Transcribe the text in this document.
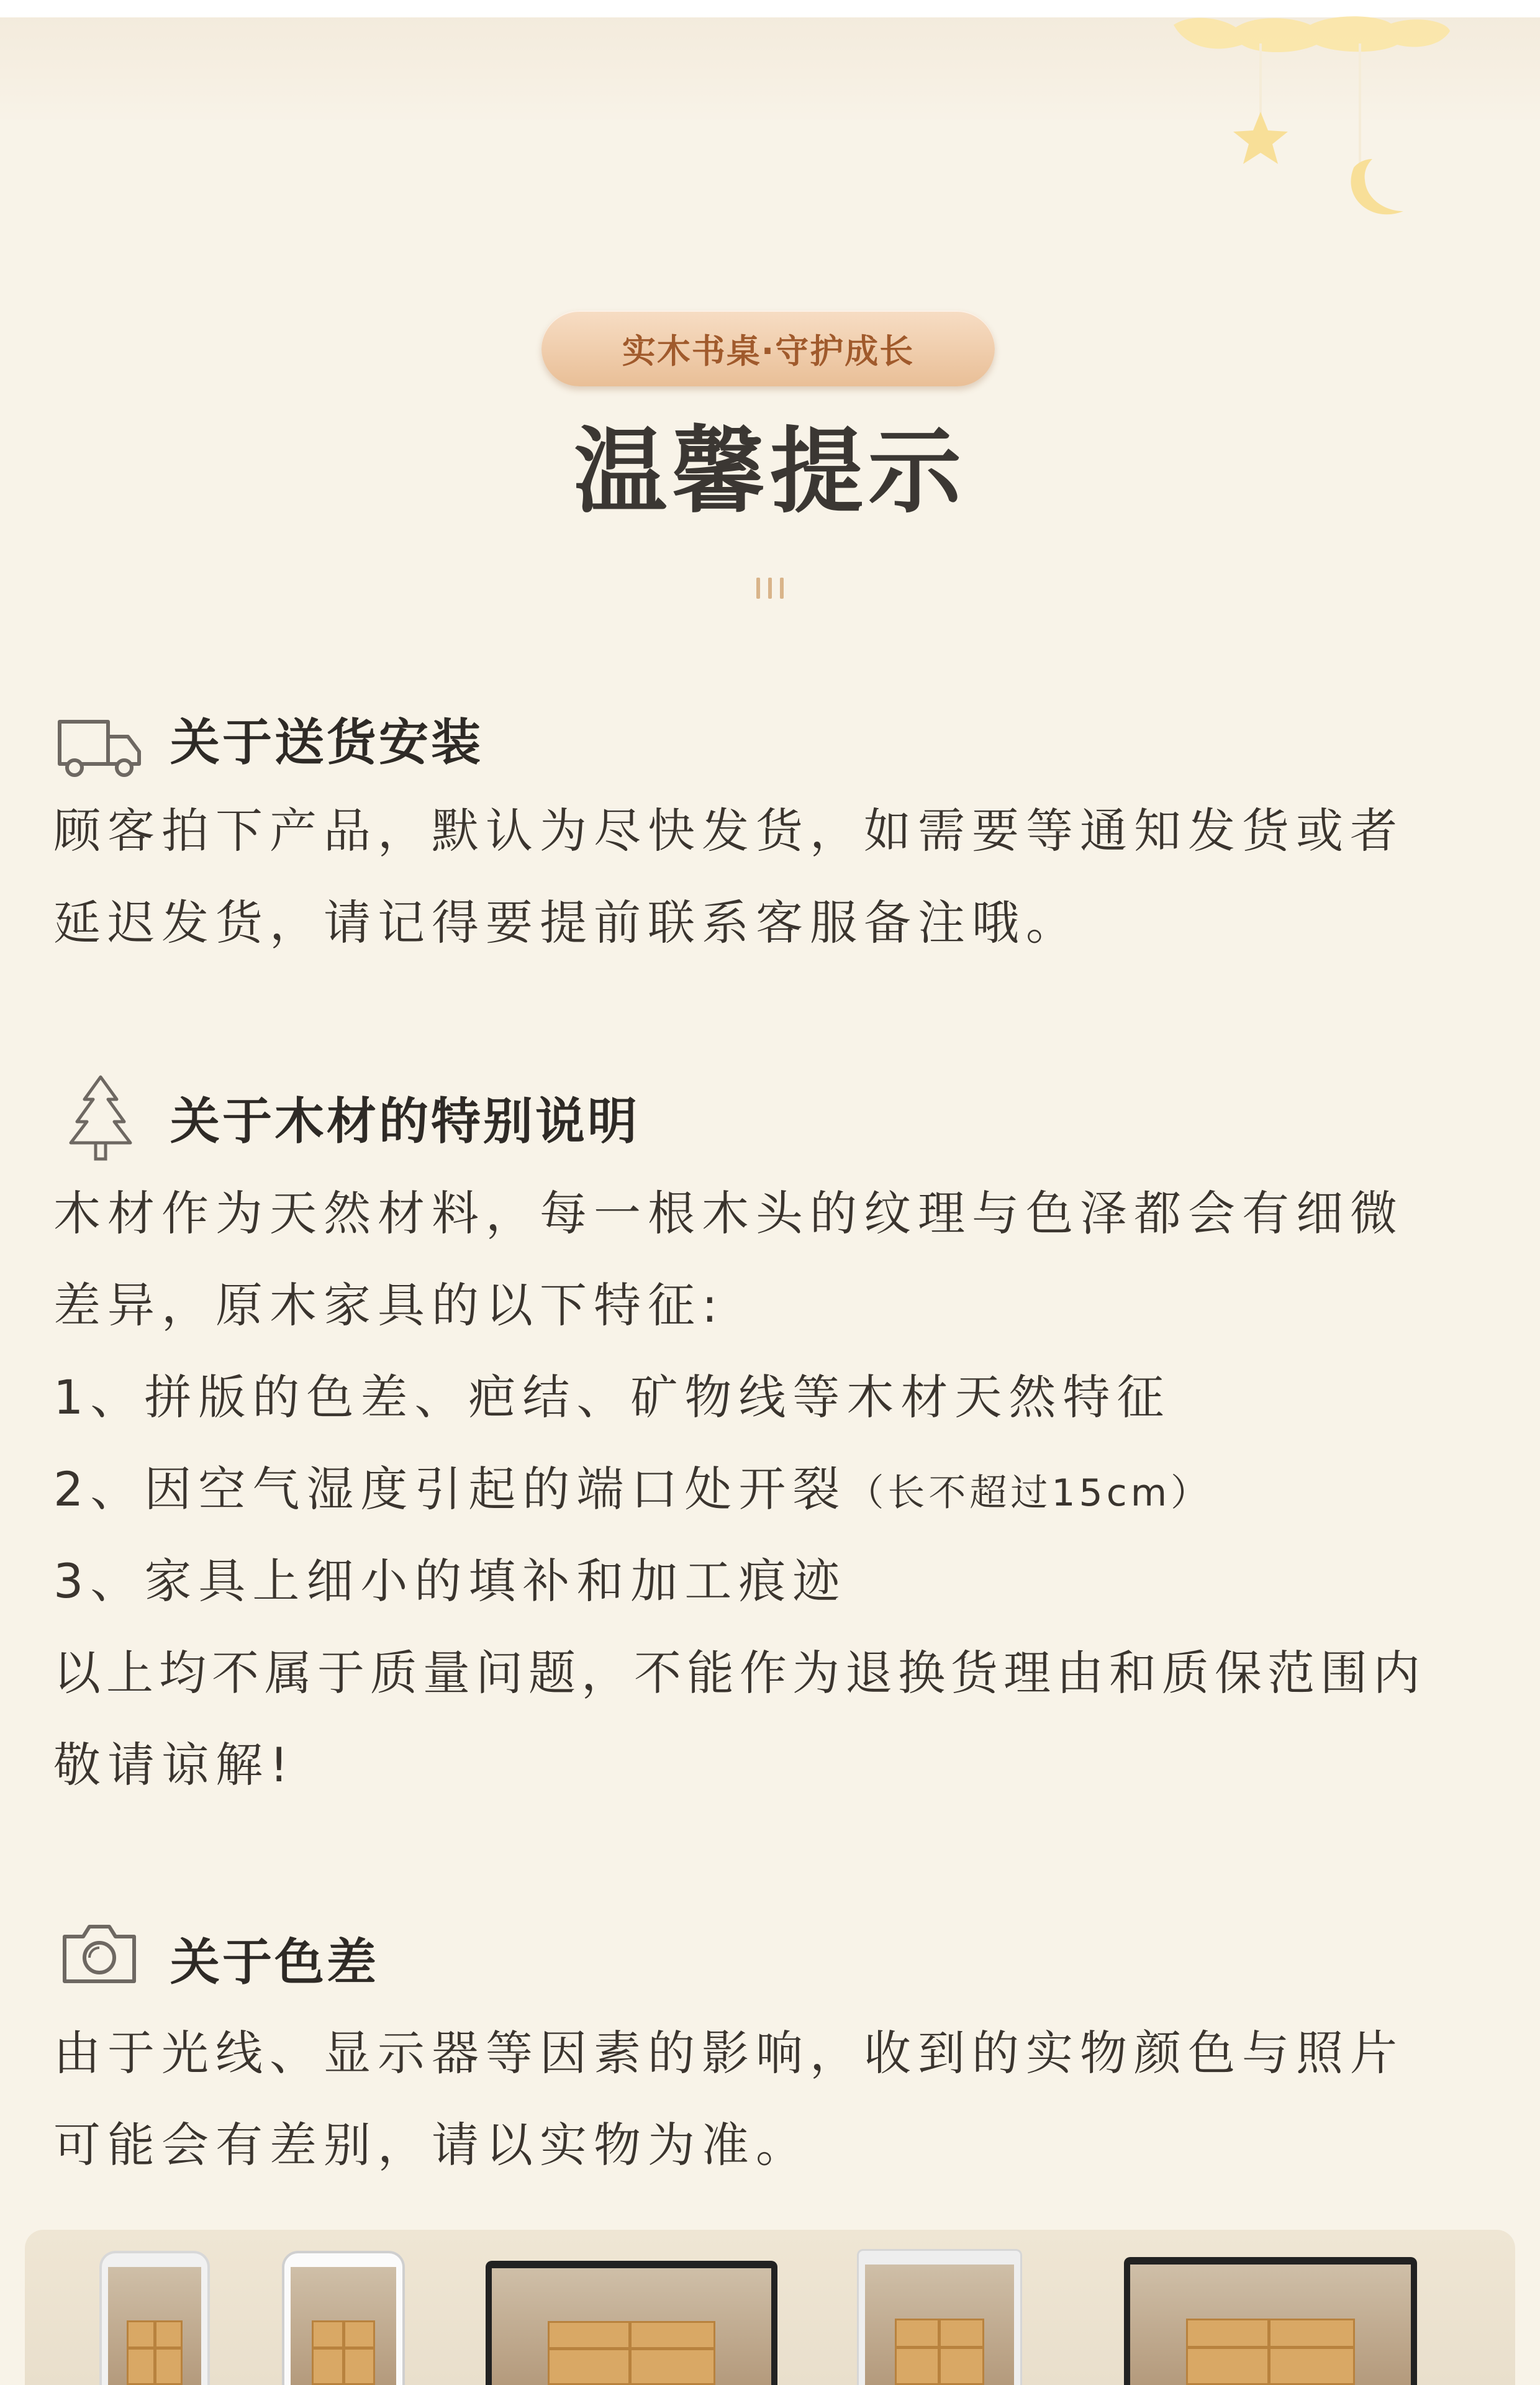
实木书桌·守护成长
温馨提示
关于送货安装
顾客拍下产品，默认为尽快发货，如需要等通知发货或者
延迟发货，请记得要提前联系客服备注哦。
关于木材的特别说明
木材作为天然材料，每一根木头的纹理与色泽都会有细微
差异，原木家具的以下特征:
1、拼版的色差、疤结、矿物线等木材天然特征
2、因空气湿度引起的端口处开裂（长不超过15cm）
3、家具上细小的填补和加工痕迹
以上均不属于质量问题，不能作为退换货理由和质保范围内
敬请谅解!
关于色差
由于光线、显示器等因素的影响，收到的实物颜色与照片
可能会有差别，请以实物为准。
